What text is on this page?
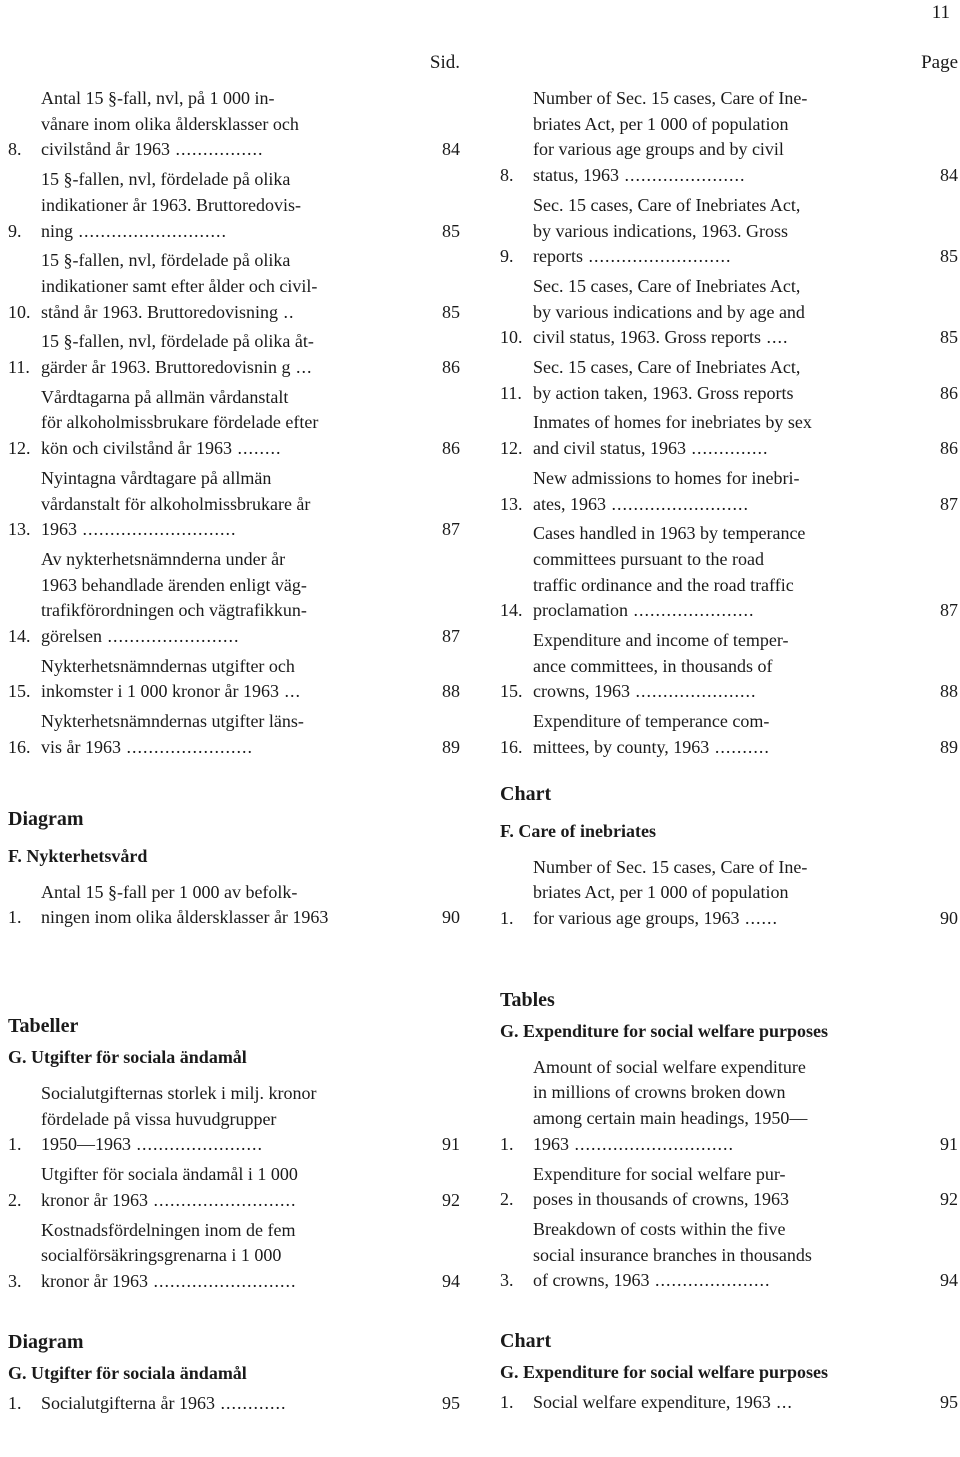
11
Sid.
8.
Antal 15 §-fall, nvl, på 1 000 in-
vånare inom olika åldersklasser och
civilstånd år 1963 ................	84
9.
15 §-fallen, nvl, fördelade på olika
indikationer år 1963. Bruttoredovis-
ning ...........................	85
10.
15 §-fallen, nvl, fördelade på olika
indikationer samt efter ålder och civil-
stånd år 1963. Bruttoredovisning ..	85
11.
15 §-fallen, nvl, fördelade på olika åt-
gärder år 1963. Bruttoredovisnin g ...	86
12.
Vårdtagarna på allmän vårdanstalt
för alkoholmissbrukare fördelade efter
kön och civilstånd år 1963 ........	86
13.
Nyintagna vårdtagare på allmän
vårdanstalt för alkoholmissbrukare år
1963 ............................	87
14.
Av nykterhetsnämnderna under år
1963 behandlade ärenden enligt väg-
trafikförordningen och vägtrafikkun-
görelsen ........................	87
15.
Nykterhetsnämndernas utgifter och
inkomster i 1 000 kronor år 1963 ...	88
16.
Nykterhetsnämndernas utgifter läns-
vis år 1963 .......................	89
Diagram
F. Nykterhetsvård
1.
Antal 15 §-fall per 1 000 av befolk-
ningen inom olika åldersklasser år 1963	90
Tabeller
G. Utgifter för sociala ändamål
1.
Socialutgifternas storlek i milj. kronor
fördelade på vissa huvudgrupper
1950—1963 .......................	91
2.
Utgifter för sociala ändamål i 1 000
kronor år 1963 ..........................	92
3.
Kostnadsfördelningen inom de fem
socialförsäkringsgrenarna i 1 000
kronor år 1963 ..........................	94
Diagram
G. Utgifter för sociala ändamål
1.	Socialutgifterna år 1963 ............	95
Page
8.
Number of Sec. 15 cases, Care of Ine-
briates Act, per 1 000 of population
for various age groups and by civil
status, 1963 ......................	84
9.
Sec. 15 cases, Care of Inebriates Act,
by various indications, 1963. Gross
reports ..........................	85
10.
Sec. 15 cases, Care of Inebriates Act,
by various indications and by age and
civil status, 1963. Gross reports ....	85
11.
Sec. 15 cases, Care of Inebriates Act,
by action taken, 1963. Gross reports	86
12.
Inmates of homes for inebriates by sex
and civil status, 1963 ..............	86
13.
New admissions to homes for inebri-
ates, 1963 .........................	87
14.
Cases handled in 1963 by temperance
committees pursuant to the road
traffic ordinance and the road traffic
proclamation ......................	87
15.
Expenditure and income of temper-
ance committees, in thousands of
crowns, 1963 ......................	88
16.
Expenditure of temperance com-
mittees, by county, 1963 ..........	89
Chart
F. Care of inebriates
1.
Number of Sec. 15 cases, Care of Ine-
briates Act, per 1 000 of population
for various age groups, 1963 ......	90
Tables
G. Expenditure for social welfare purposes
1.
Amount of social welfare expenditure
in millions of crowns broken down
among certain main headings, 1950—
1963 .............................	91
2.
Expenditure for social welfare pur-
poses in thousands of crowns, 1963	92
3.
Breakdown of costs within the five
social insurance branches in thousands
of crowns, 1963 .....................	94
Chart
G. Expenditure for social welfare purposes
1.	Social welfare expenditure, 1963 ...	95
